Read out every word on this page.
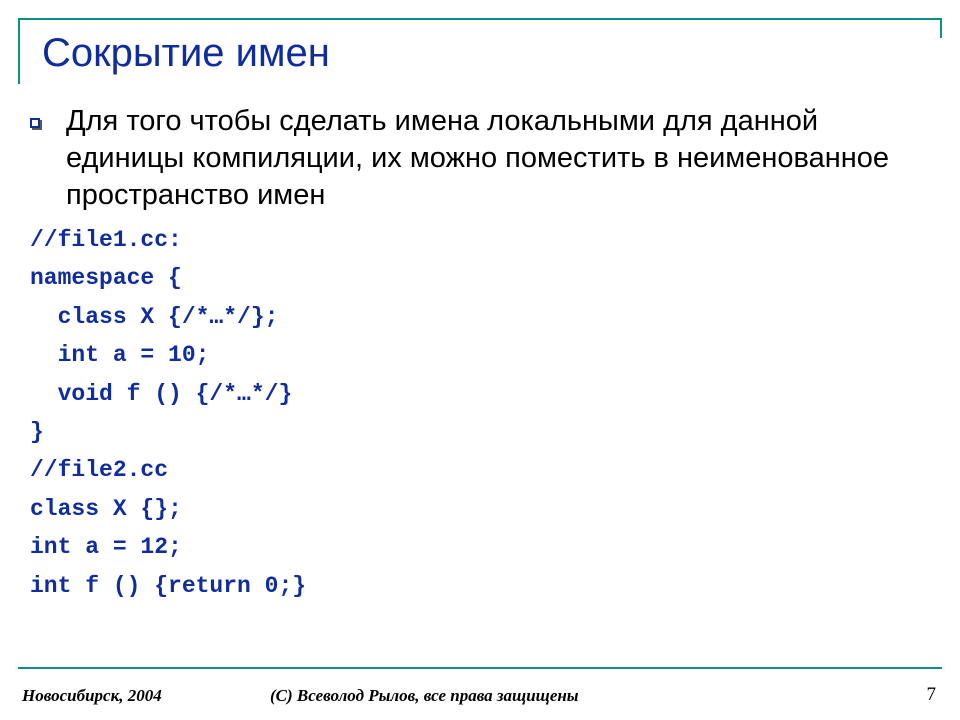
Сокрытие имен
Для того чтобы сделать имена локальными для данной единицы компиляции, их можно поместить в неименованное пространство имен
//file1.cc:
namespace {
class X {/*…*/};
int a = 10;
void f () {/*…*/}
}
//file2.cc
class X {};
int a = 12;
int f () {return 0;}
Новосибирск, 2004	(C) Всеволод Рылов, все права защищены	7
